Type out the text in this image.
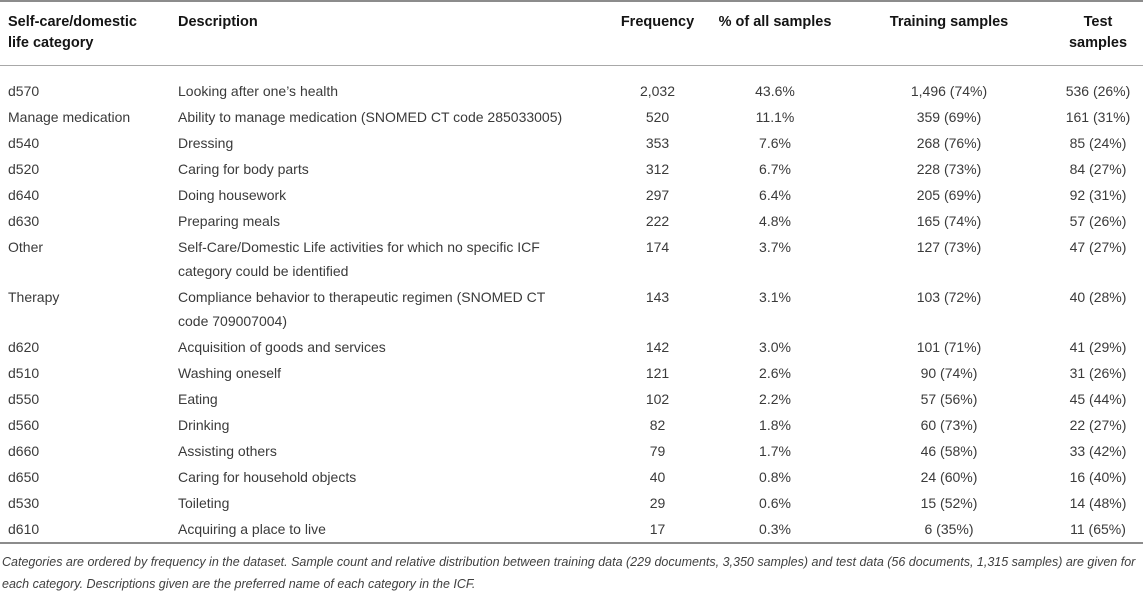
Self-care/domestic life category	Description	Frequency	% of all samples	Training samples	Test samples
d570	Looking after one’s health	2,032	43.6%	1,496 (74%)	536 (26%)
Manage medication	Ability to manage medication (SNOMED CT code 285033005)	520	11.1%	359 (69%)	161 (31%)
d540	Dressing	353	7.6%	268 (76%)	85 (24%)
d520	Caring for body parts	312	6.7%	228 (73%)	84 (27%)
d640	Doing housework	297	6.4%	205 (69%)	92 (31%)
d630	Preparing meals	222	4.8%	165 (74%)	57 (26%)
Other	Self-Care/Domestic Life activities for which no specific ICF category could be identified	174	3.7%	127 (73%)	47 (27%)
Therapy	Compliance behavior to therapeutic regimen (SNOMED CT code 709007004)	143	3.1%	103 (72%)	40 (28%)
d620	Acquisition of goods and services	142	3.0%	101 (71%)	41 (29%)
d510	Washing oneself	121	2.6%	90 (74%)	31 (26%)
d550	Eating	102	2.2%	57 (56%)	45 (44%)
d560	Drinking	82	1.8%	60 (73%)	22 (27%)
d660	Assisting others	79	1.7%	46 (58%)	33 (42%)
d650	Caring for household objects	40	0.8%	24 (60%)	16 (40%)
d530	Toileting	29	0.6%	15 (52%)	14 (48%)
d610	Acquiring a place to live	17	0.3%	6 (35%)	11 (65%)
Categories are ordered by frequency in the dataset. Sample count and relative distribution between training data (229 documents, 3,350 samples) and test data (56 documents, 1,315 samples) are given for each category. Descriptions given are the preferred name of each category in the ICF.
